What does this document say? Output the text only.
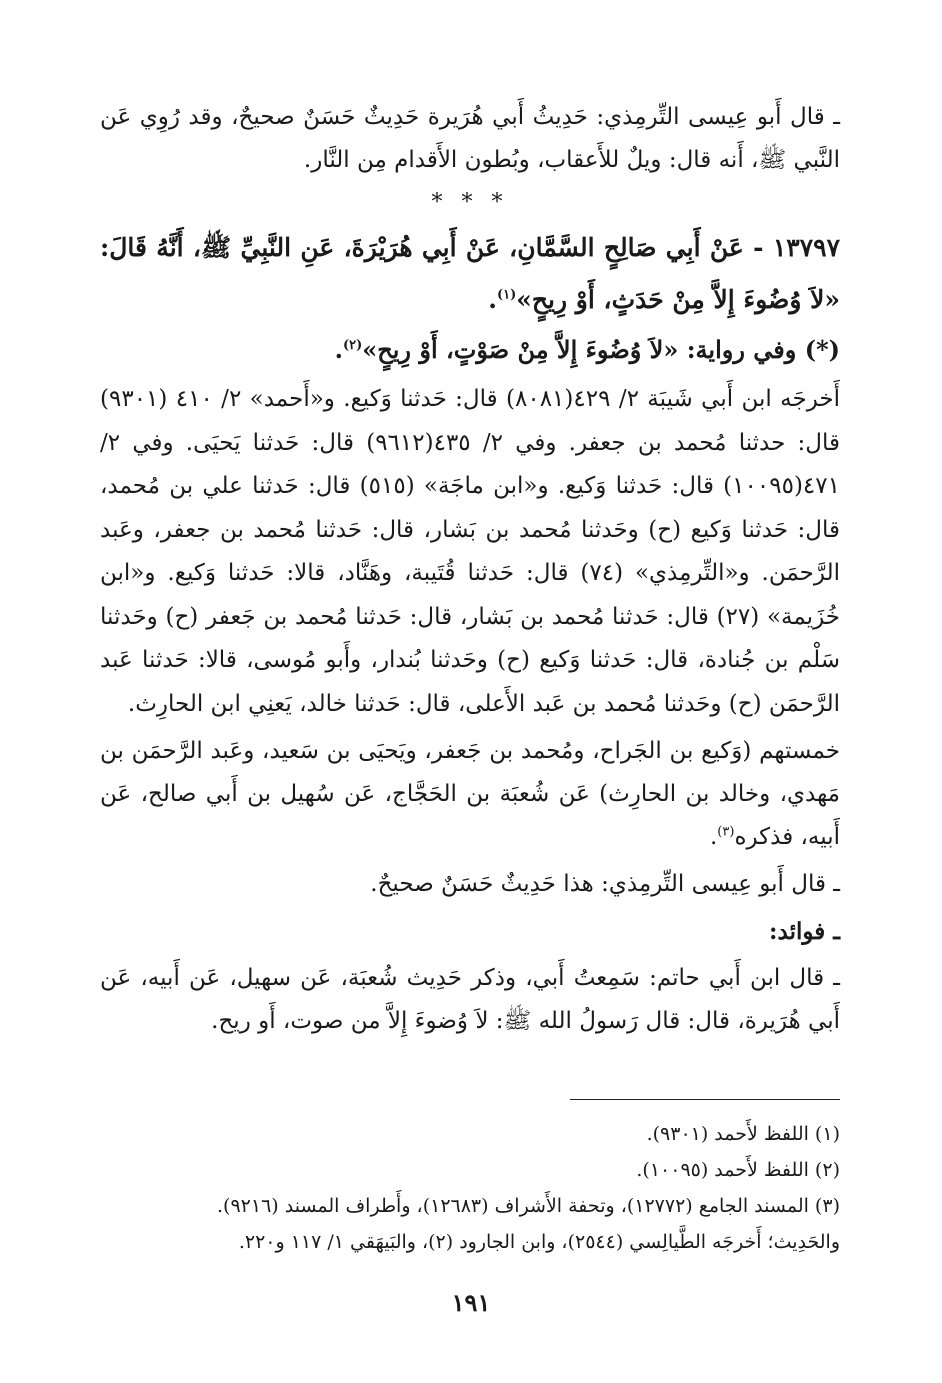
ـ قال أَبو عِيسى التِّرمِذي: حَدِيثُ أَبي هُرَيرة حَدِيثٌ حَسَنٌ صحيحٌ، وقد رُوِي عَن النَّبي ﷺ، أَنه قال: ويلٌ للأَعقاب، وبُطون الأَقدام مِن النَّار.

* * *

١٣٧٩٧ - عَنْ أَبِي صَالِحٍ السَّمَّانِ، عَنْ أَبِي هُرَيْرَةَ، عَنِ النَّبِيِّ ﷺ، أَنَّهُ قَالَ: «لاَ وُضُوءَ إِلاَّ مِنْ حَدَثٍ، أَوْ رِيحٍ»$^{(١)}$.

(*) وفي رواية: «لاَ وُضُوءَ إِلاَّ مِنْ صَوْتٍ، أَوْ رِيحٍ»$^{(٢)}$.

أَخرجَه ابن أَبي شَيبَة ٢/ ٤٢٩(٨٠٨١) قال: حَدثنا وَكيع. و«أَحمد» ٢/ ٤١٠ (٩٣٠١) قال: حدثنا مُحمد بن جعفر. وفي ٢/ ٤٣٥(٩٦١٢) قال: حَدثنا يَحيَى. وفي ٢/ ٤٧١(١٠٠٩٥) قال: حَدثنا وَكيع. و«ابن ماجَة» (٥١٥) قال: حَدثنا علي بن مُحمد، قال: حَدثنا وَكيع (ح) وحَدثنا مُحمد بن بَشار، قال: حَدثنا مُحمد بن جعفر، وعَبد الرَّحمَن. و«التِّرمِذي» (٧٤) قال: حَدثنا قُتَيبة، وهَنَّاد، قالا: حَدثنا وَكيع. و«ابن خُزَيمة» (٢٧) قال: حَدثنا مُحمد بن بَشار، قال: حَدثنا مُحمد بن جَعفر (ح) وحَدثنا سَلْم بن جُنادة، قال: حَدثنا وَكيع (ح) وحَدثنا بُندار، وأَبو مُوسى، قالا: حَدثنا عَبد الرَّحمَن (ح) وحَدثنا مُحمد بن عَبد الأَعلى، قال: حَدثنا خالد، يَعنِي ابن الحارِث.

خمستهم (وَكيع بن الجَراح، ومُحمد بن جَعفر، ويَحيَى بن سَعيد، وعَبد الرَّحمَن بن مَهدي، وخالد بن الحارِث) عَن شُعبَة بن الحَجَّاج، عَن سُهيل بن أَبي صالح، عَن أَبيه، فذكره$^{(٣)}$.

ـ قال أَبو عِيسى التِّرمِذي: هذا حَدِيثٌ حَسَنٌ صحيحٌ.

ـ فوائد:

ـ قال ابن أَبي حاتم: سَمِعتُ أَبي، وذكر حَدِيث شُعبَة، عَن سهيل، عَن أَبيه، عَن أَبي هُرَيرة، قال: قال رَسولُ الله ﷺ: لاَ وُضوءَ إِلاَّ من صوت، أَو ريح.

(١) اللفظ لأَحمد (٩٣٠١).

(٢) اللفظ لأَحمد (١٠٠٩٥).

(٣) المسند الجامع (١٢٧٧٢)، وتحفة الأَشراف (١٢٦٨٣)، وأَطراف المسند (٩٢١٦).

والحَدِيث؛ أَخرجَه الطَّيالِسي (٢٥٤٤)، وابن الجارود (٢)، والبَيهَقي ١/ ١١٧ و٢٢٠.

١٩١
